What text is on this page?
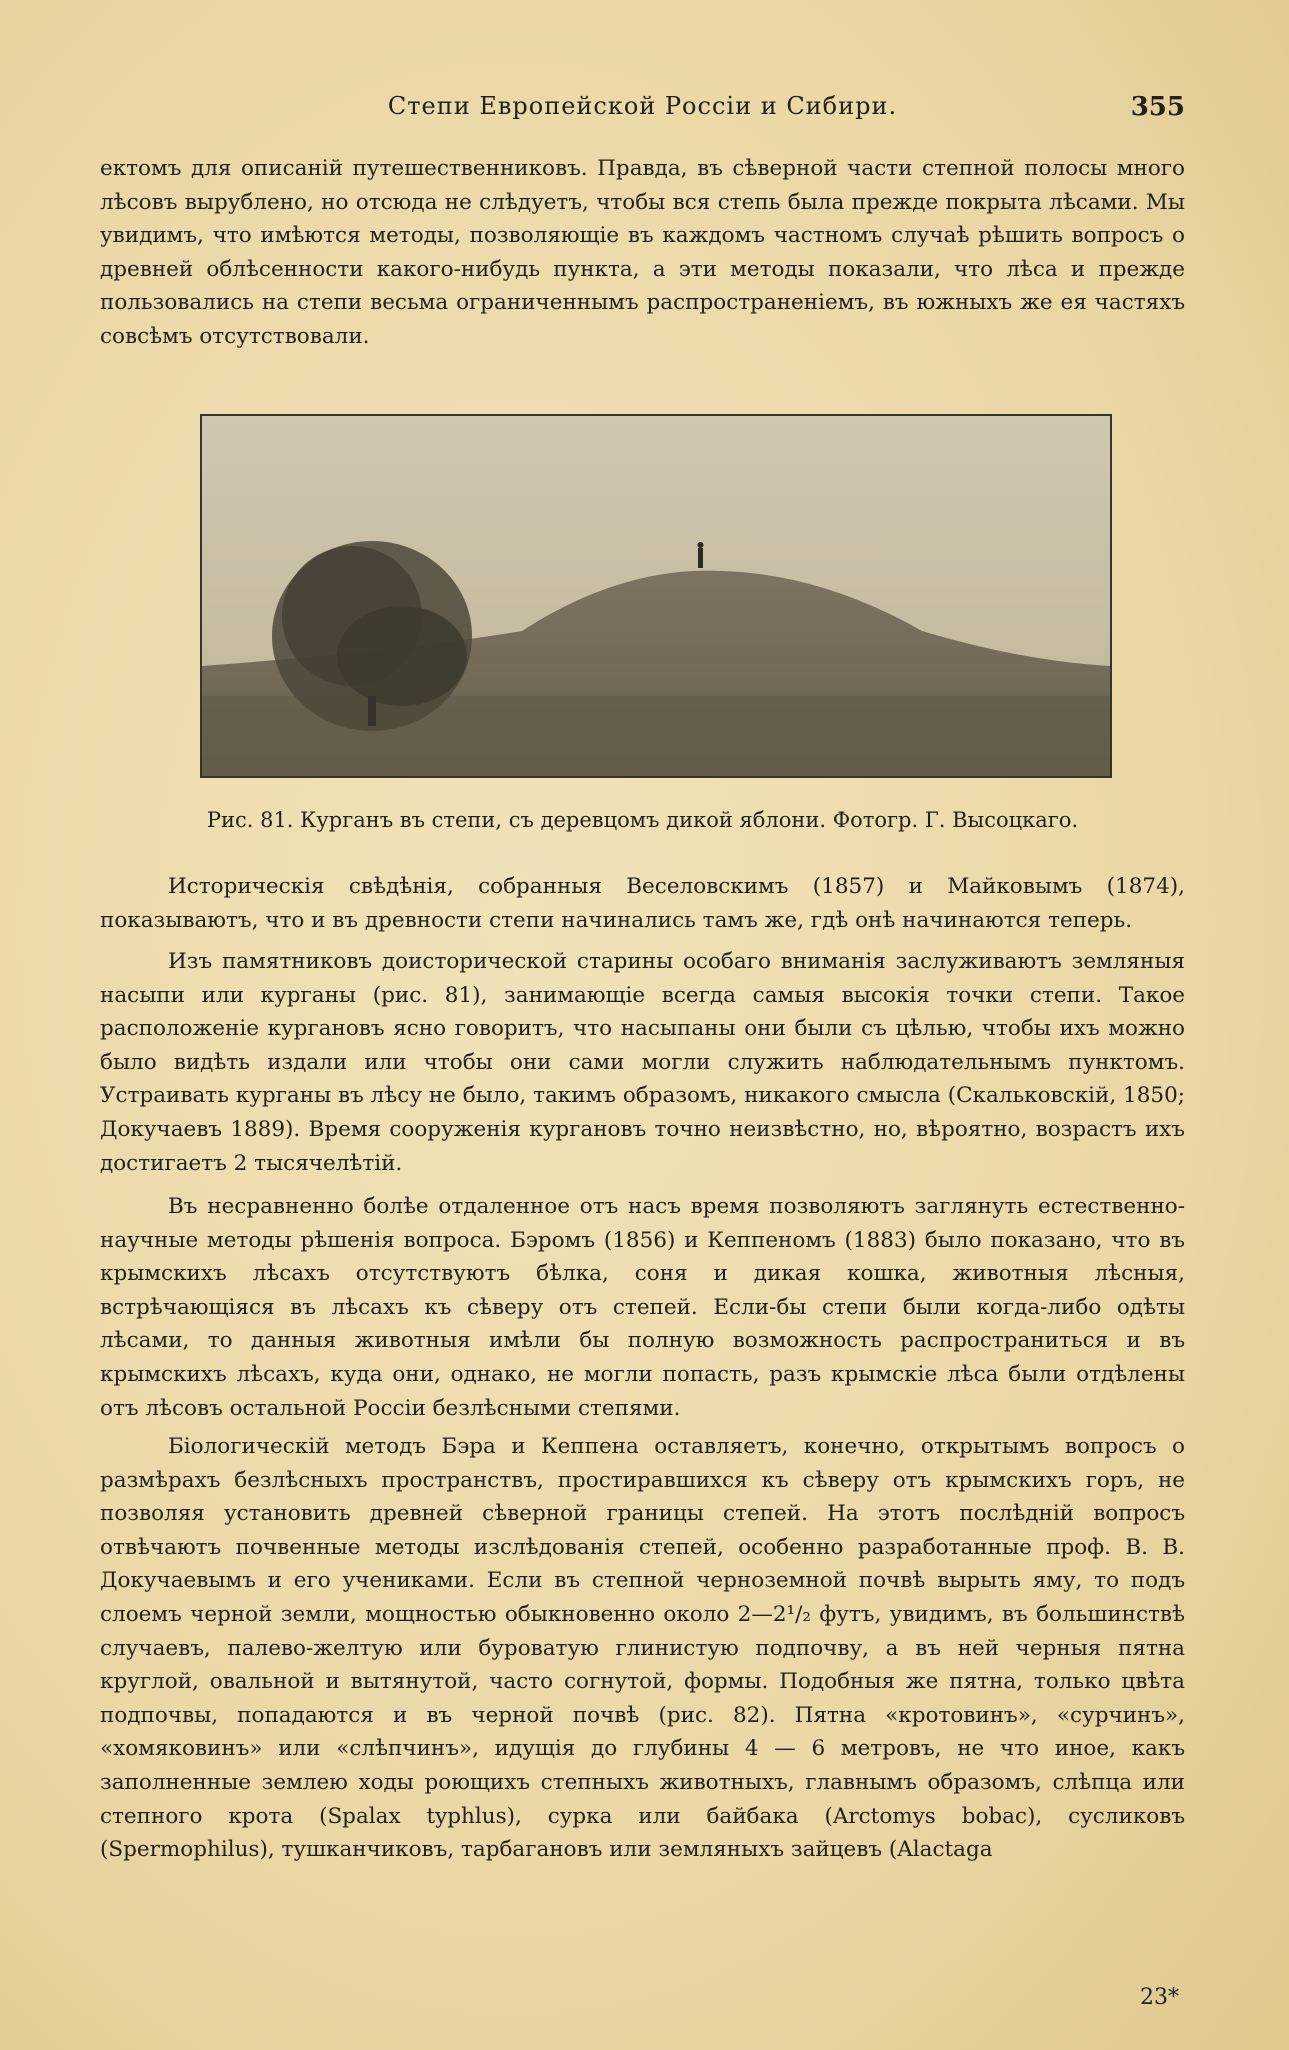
Степи Европейской Россіи и Сибири.	355

ектомъ для описаній путешественниковъ. Правда, въ сѣверной части степной полосы много лѣсовъ вырублено, но отсюда не слѣдуетъ, чтобы вся степь была прежде покрыта лѣсами. Мы увидимъ, что имѣются методы, позволяющіе въ каждомъ частномъ случаѣ рѣшить вопросъ о древней облѣсенности какого-нибудь пункта, а эти методы показали, что лѣса и прежде пользовались на степи весьма ограниченнымъ распространеніемъ, въ южныхъ же ея частяхъ совсѣмъ отсутствовали.

Рис. 81. Курганъ въ степи, съ деревцомъ дикой яблони. Фотогр. Г. Высоцкаго.

Историческія свѣдѣнія, собранныя Веселовскимъ (1857) и Майковымъ (1874), показываютъ, что и въ древности степи начинались тамъ же, гдѣ онѣ начинаются теперь.

Изъ памятниковъ доисторической старины особаго вниманія заслуживаютъ земляныя насыпи или курганы (рис. 81), занимающіе всегда самыя высокія точки степи. Такое расположеніе кургановъ ясно говоритъ, что насыпаны они были съ цѣлью, чтобы ихъ можно было видѣть издали или чтобы они сами могли служить наблюдательнымъ пунктомъ. Устраивать курганы въ лѣсу не было, такимъ образомъ, никакого смысла (Скальковскій, 1850; Докучаевъ 1889). Время сооруженія кургановъ точно неизвѣстно, но, вѣроятно, возрастъ ихъ достигаетъ 2 тысячелѣтій.

Въ несравненно болѣе отдаленное отъ насъ время позволяютъ заглянуть естественно-научные методы рѣшенія вопроса. Бэромъ (1856) и Кеппеномъ (1883) было показано, что въ крымскихъ лѣсахъ отсутствуютъ бѣлка, соня и дикая кошка, животныя лѣсныя, встрѣчающіяся въ лѣсахъ къ сѣверу отъ степей. Если-бы степи были когда-либо одѣты лѣсами, то данныя животныя имѣли бы полную возможность распространиться и въ крымскихъ лѣсахъ, куда они, однако, не могли попасть, разъ крымскіе лѣса были отдѣлены отъ лѣсовъ остальной Россіи безлѣсными степями.

Біологическій методъ Бэра и Кеппена оставляетъ, конечно, открытымъ вопросъ о размѣрахъ безлѣсныхъ пространствъ, простиравшихся къ сѣверу отъ крымскихъ горъ, не позволяя установить древней сѣверной границы степей. На этотъ послѣдній вопросъ отвѣчаютъ почвенные методы изслѣдованія степей, особенно разработанные проф. В. В. Докучаевымъ и его учениками. Если въ степной черноземной почвѣ вырыть яму, то подъ слоемъ черной земли, мощностью обыкновенно около 2—2¹/₂ футъ, увидимъ, въ большинствѣ случаевъ, палево-желтую или буроватую глинистую подпочву, а въ ней черныя пятна круглой, овальной и вытянутой, часто согнутой, формы. Подобныя же пятна, только цвѣта подпочвы, попадаются и въ черной почвѣ (рис. 82). Пятна «кротовинъ», «сурчинъ», «хомяковинъ» или «слѣпчинъ», идущія до глубины 4 — 6 метровъ, не что иное, какъ заполненные землею ходы роющихъ степныхъ животныхъ, главнымъ образомъ, слѣпца или степного крота (Spalax typhlus), сурка или байбака (Arctomys bobac), сусликовъ (Spermophilus), тушканчиковъ, тарбагановъ или земляныхъ зайцевъ (Alactaga

23*
